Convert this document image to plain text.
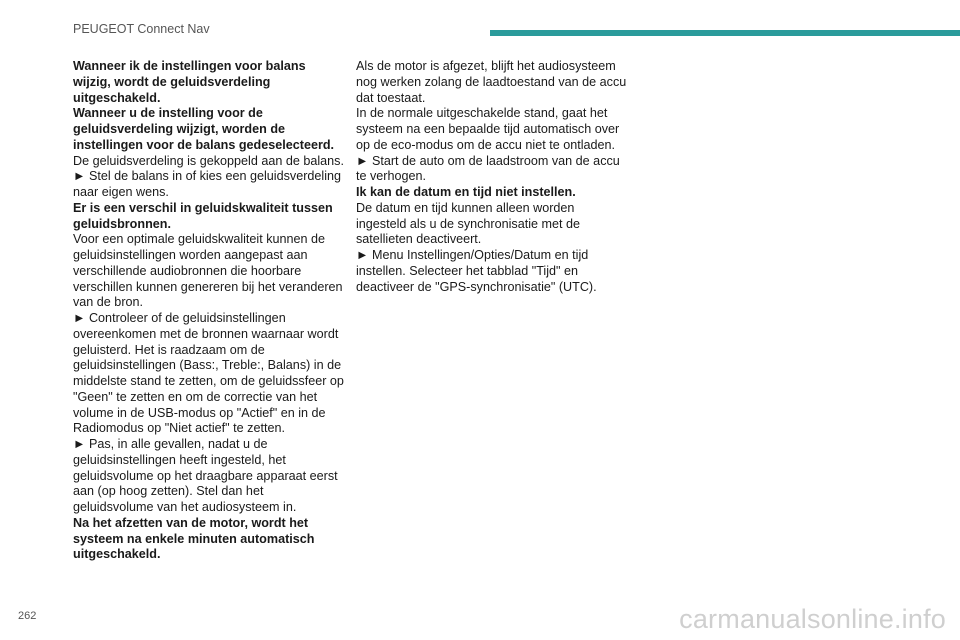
PEUGEOT Connect Nav

Wanneer ik de instellingen voor balans wijzig, wordt de geluidsverdeling uitgeschakeld.

Wanneer u de instelling voor de geluidsverdeling wijzigt, worden de instellingen voor de balans gedeselecteerd.

De geluidsverdeling is gekoppeld aan de balans.

► Stel de balans in of kies een geluidsverdeling naar eigen wens.

Er is een verschil in geluidskwaliteit tussen geluidsbronnen.

Voor een optimale geluidskwaliteit kunnen de geluidsinstellingen worden aangepast aan verschillende audiobronnen die hoorbare verschillen kunnen genereren bij het veranderen van de bron.

► Controleer of de geluidsinstellingen overeenkomen met de bronnen waarnaar wordt geluisterd. Het is raadzaam om de geluidsinstellingen (Bass:, Treble:, Balans) in de middelste stand te zetten, om de geluidssfeer op "Geen" te zetten en om de correctie van het volume in de USB-modus op "Actief" en in de Radiomodus op "Niet actief" te zetten.

► Pas, in alle gevallen, nadat u de geluidsinstellingen heeft ingesteld, het geluidsvolume op het draagbare apparaat eerst aan (op hoog zetten). Stel dan het geluidsvolume van het audiosysteem in.

Na het afzetten van de motor, wordt het systeem na enkele minuten automatisch uitgeschakeld.

Als de motor is afgezet, blijft het audiosysteem nog werken zolang de laadtoestand van de accu dat toestaat.

In de normale uitgeschakelde stand, gaat het systeem na een bepaalde tijd automatisch over op de eco-modus om de accu niet te ontladen.

► Start de auto om de laadstroom van de accu te verhogen.

Ik kan de datum en tijd niet instellen.

De datum en tijd kunnen alleen worden ingesteld als u de synchronisatie met de satellieten deactiveert.

► Menu Instellingen/Opties/Datum en tijd instellen. Selecteer het tabblad "Tijd" en deactiveer de "GPS-synchronisatie" (UTC).

262	carmanualsonline.info
